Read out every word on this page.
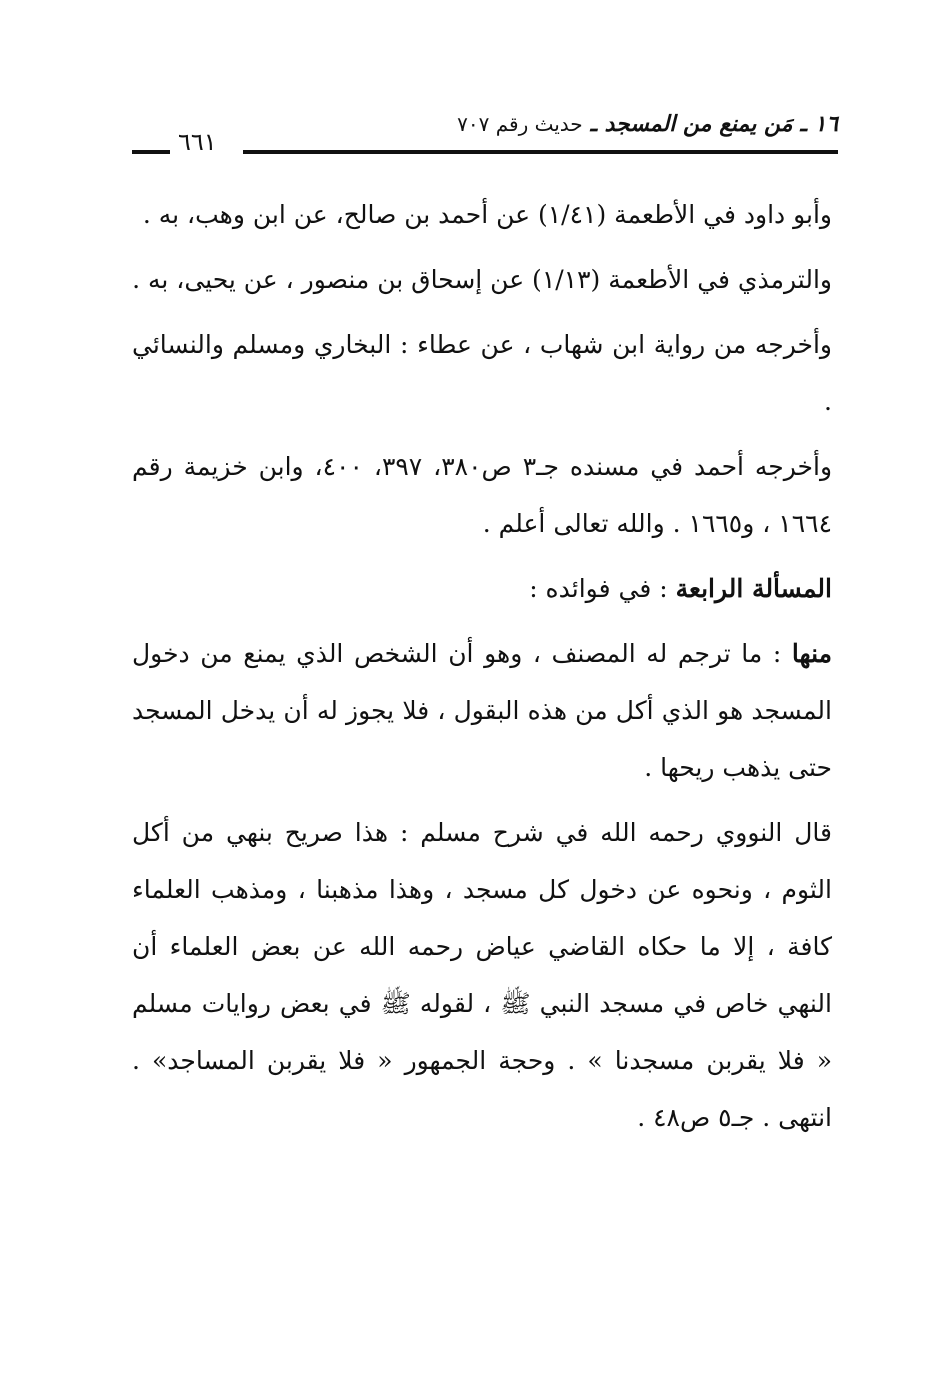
١٦ ـ مَن يمنع من المسجد ـ حديث رقم ٧٠٧
٦٦١

وأبو داود في الأطعمة (١/٤١) عن أحمد بن صالح، عن ابن وهب، به .

والترمذي في الأطعمة (١/١٣) عن إسحاق بن منصور ، عن يحيى، به .

وأخرجه من رواية ابن شهاب ، عن عطاء : البخاري ومسلم والنسائي .

وأخرجه أحمد في مسنده جـ٣ ص٣٨٠، ٣٩٧، ٤٠٠، وابن خزيمة رقم ١٦٦٤ ، و١٦٦٥ . والله تعالى أعلم .

المسألة الرابعة : في فوائده :

منها : ما ترجم له المصنف ، وهو أن الشخص الذي يمنع من دخول المسجد هو الذي أكل من هذه البقول ، فلا يجوز له أن يدخل المسجد حتى يذهب ريحها .

قال النووي رحمه الله في شرح مسلم : هذا صريح بنهي من أكل الثوم ، ونحوه عن دخول كل مسجد ، وهذا مذهبنا ، ومذهب العلماء كافة ، إلا ما حكاه القاضي عياض رحمه الله عن بعض العلماء أن النهي خاص في مسجد النبي ﷺ ، لقوله ﷺ في بعض روايات مسلم « فلا يقربن مسجدنا » . وحجة الجمهور « فلا يقربن المساجد» . انتهى . جـ٥ ص٤٨ .
